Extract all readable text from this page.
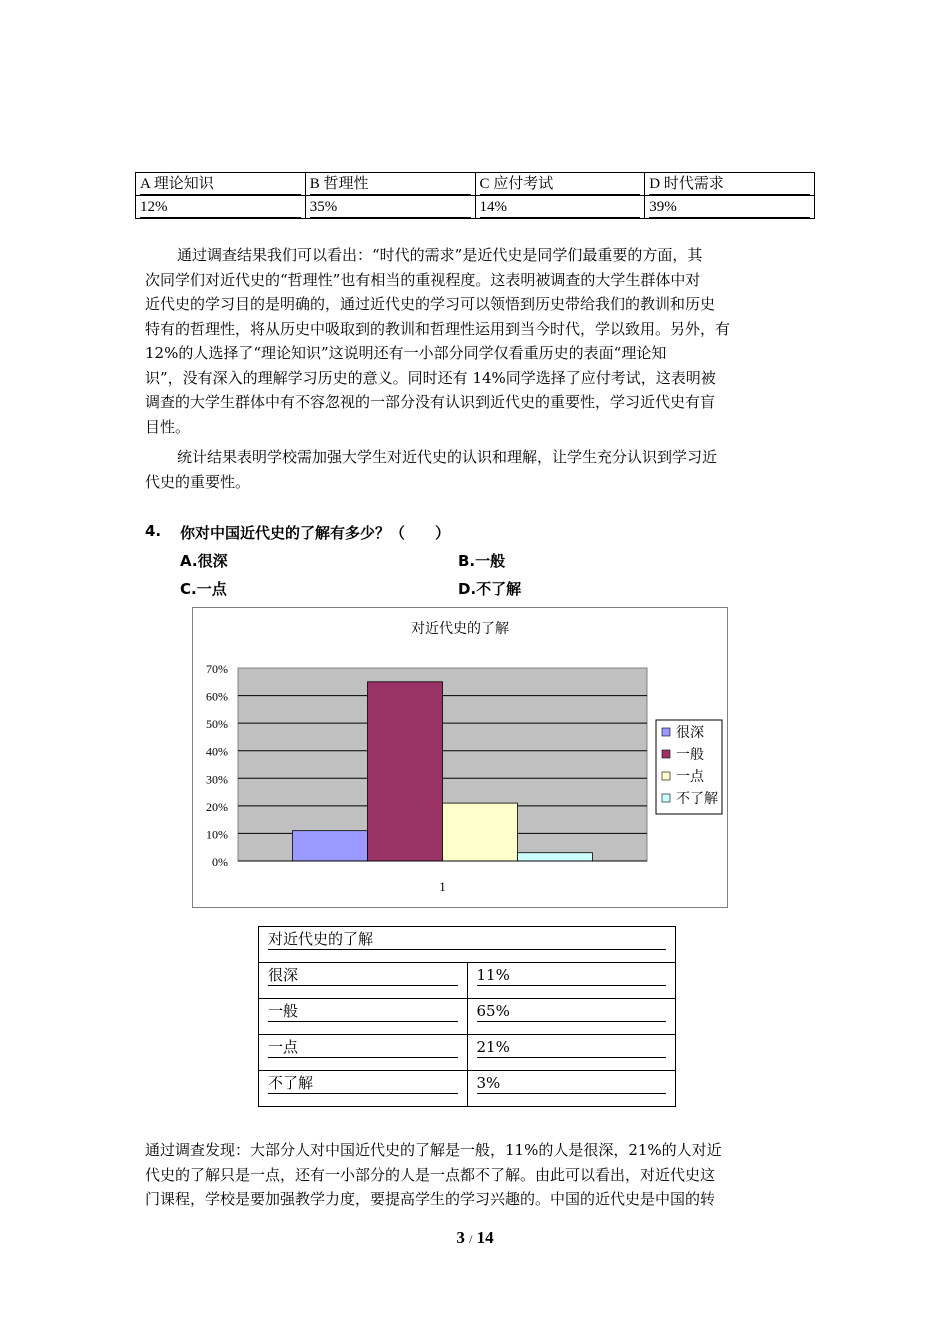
A 理论知识	B 哲理性	C 应付考试	D 时代需求

12%	35%	14%	39%

通过调查结果我们可以看出：“时代的需求”是近代史是同学们最重要的方面，其

次同学们对近代史的“哲理性”也有相当的重视程度。这表明被调查的大学生群体中对

近代史的学习目的是明确的，通过近代史的学习可以领悟到历史带给我们的教训和历史

特有的哲理性，将从历史中吸取到的教训和哲理性运用到当今时代，学以致用。另外，有

12%的人选择了“理论知识”这说明还有一小部分同学仅看重历史的表面“理论知

识”，没有深入的理解学习历史的意义。同时还有 14%同学选择了应付考试，这表明被

调查的大学生群体中有不容忽视的一部分没有认识到近代史的重要性，学习近代史有盲

目性。

统计结果表明学校需加强大学生对近代史的认识和理解，让学生充分认识到学习近

代史的重要性。

4. 你对中国近代史的了解有多少？（　　）
A.很深	B.一般
C.一点	D.不了解
对近代史的了解
0%
10%
20%
30%
40%
50%
60%
70%
1
很深
一般
一点
不了解
对近代史的了解	

很深	11%

一般	65%

一点	21%

不了解	3%

通过调查发现：大部分人对中国近代史的了解是一般，11%的人是很深，21%的人对近

代史的了解只是一点，还有一小部分的人是一点都不了解。由此可以看出，对近代史这

门课程，学校是要加强教学力度，要提高学生的学习兴趣的。中国的近代史是中国的转

3 / 14
